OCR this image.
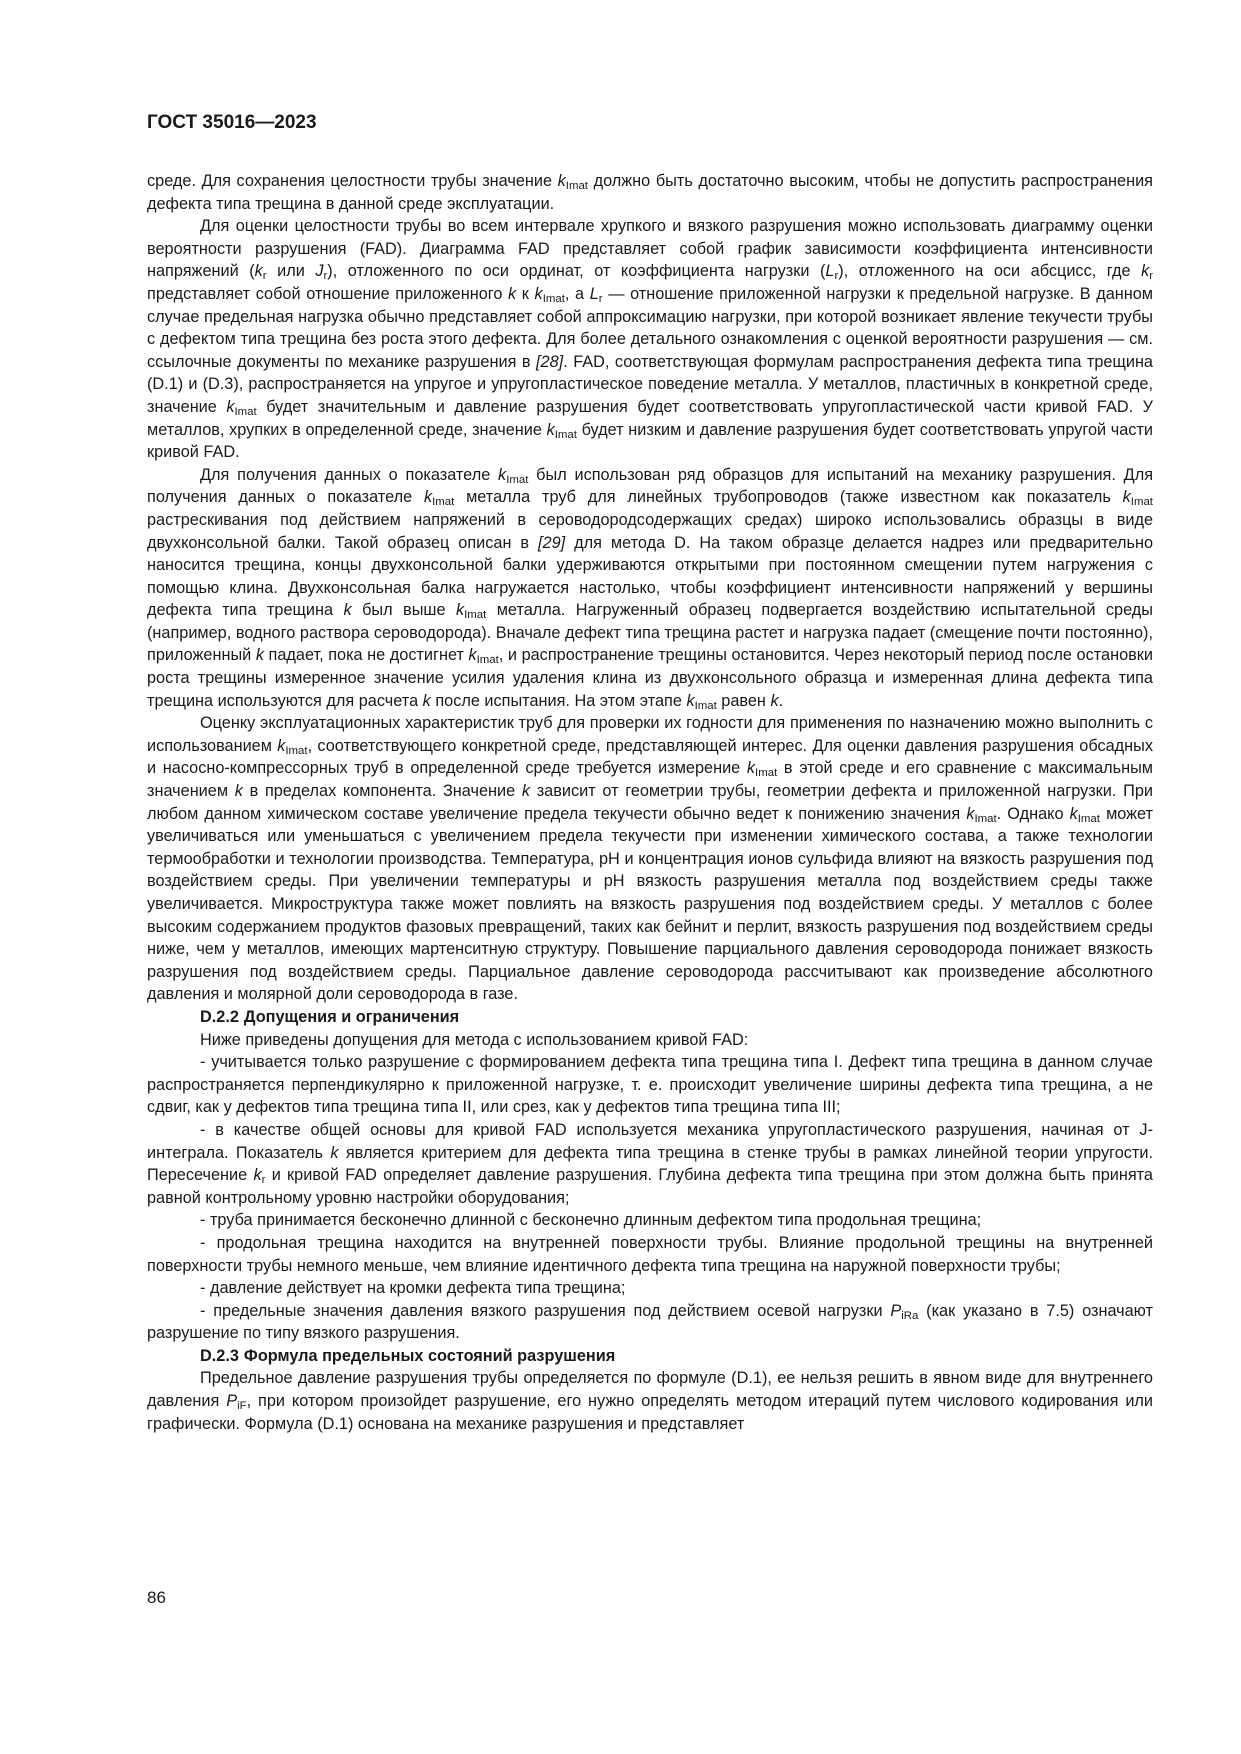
ГОСТ 35016—2023

среде. Для сохранения целостности трубы значение $k_{Imat}$ должно быть достаточно высоким, чтобы не допустить распространения дефекта типа трещина в данной среде эксплуатации.

Для оценки целостности трубы во всем интервале хрупкого и вязкого разрушения можно использовать диаграмму оценки вероятности разрушения (FAD). Диаграмма FAD представляет собой график зависимости коэффициента интенсивности напряжений ($k_r$ или $J_r$), отложенного по оси ординат, от коэффициента нагрузки $(L_r)$, отложенного на оси абсцисс, где $k_r$ представляет собой отношение приложенного k к $k_{Imat}$, а $L_r$ — отношение приложенной нагрузки к предельной нагрузке. В данном случае предельная нагрузка обычно представляет собой аппроксимацию нагрузки, при которой возникает явление текучести трубы с дефектом типа трещина без роста этого дефекта. Для более детального ознакомления с оценкой вероятности разрушения — см. ссылочные документы по механике разрушения в [28]. FAD, соответствующая формулам распространения дефекта типа трещина (D.1) и (D.3), распространяется на упругое и упругопластическое поведение металла. У металлов, пластичных в конкретной среде, значение $k_{Imat}$ будет значительным и давление разрушения будет соответствовать упругопластической части кривой FAD. У металлов, хрупких в определенной среде, значение $k_{Imat}$ будет низким и давление разрушения будет соответствовать упругой части кривой FAD.

Для получения данных о показателе $k_{Imat}$ был использован ряд образцов для испытаний на механику разрушения. Для получения данных о показателе $k_{Imat}$ металла труб для линейных трубопроводов (также известном как показатель $k_{Imat}$ растрескивания под действием напряжений в сероводородсодержащих средах) широко использовались образцы в виде двухконсольной балки. Такой образец описан в [29] для метода D. На таком образце делается надрез или предварительно наносится трещина, концы двухконсольной балки удерживаются открытыми при постоянном смещении путем нагружения с помощью клина. Двухконсольная балка нагружается настолько, чтобы коэффициент интенсивности напряжений у вершины дефекта типа трещина k был выше $k_{Imat}$ металла. Нагруженный образец подвергается воздействию испытательной среды (например, водного раствора сероводорода). Вначале дефект типа трещина растет и нагрузка падает (смещение почти постоянно), приложенный k падает, пока не достигнет $k_{Imat}$, и распространение трещины остановится. Через некоторый период после остановки роста трещины измеренное значение усилия удаления клина из двухконсольного образца и измеренная длина дефекта типа трещина используются для расчета k после испытания. На этом этапе $k_{Imat}$ равен k.

Оценку эксплуатационных характеристик труб для проверки их годности для применения по назначению можно выполнить с использованием $k_{Imat}$, соответствующего конкретной среде, представляющей интерес. Для оценки давления разрушения обсадных и насосно-компрессорных труб в определенной среде требуется измерение $k_{Imat}$ в этой среде и его сравнение с максимальным значением k в пределах компонента. Значение k зависит от геометрии трубы, геометрии дефекта и приложенной нагрузки. При любом данном химическом составе увеличение предела текучести обычно ведет к понижению значения $k_{Imat}$. Однако $k_{Imat}$ может увеличиваться или уменьшаться с увеличением предела текучести при изменении химического состава, а также технологии термообработки и технологии производства. Температура, pH и концентрация ионов сульфида влияют на вязкость разрушения под воздействием среды. При увеличении температуры и pH вязкость разрушения металла под воздействием среды также увеличивается. Микроструктура также может повлиять на вязкость разрушения под воздействием среды. У металлов с более высоким содержанием продуктов фазовых превращений, таких как бейнит и перлит, вязкость разрушения под воздействием среды ниже, чем у металлов, имеющих мартенситную структуру. Повышение парциального давления сероводорода понижает вязкость разрушения под воздействием среды. Парциальное давление сероводорода рассчитывают как произведение абсолютного давления и молярной доли сероводорода в газе.

D.2.2 Допущения и ограничения

Ниже приведены допущения для метода с использованием кривой FAD:

- учитывается только разрушение с формированием дефекта типа трещина типа I. Дефект типа трещина в данном случае распространяется перпендикулярно к приложенной нагрузке, т. е. происходит увеличение ширины дефекта типа трещина, а не сдвиг, как у дефектов типа трещина типа II, или срез, как у дефектов типа трещина типа III;

- в качестве общей основы для кривой FAD используется механика упругопластического разрушения, начиная от J-интеграла. Показатель k является критерием для дефекта типа трещина в стенке трубы в рамках линейной теории упругости. Пересечение $k_r$ и кривой FAD определяет давление разрушения. Глубина дефекта типа трещина при этом должна быть принята равной контрольному уровню настройки оборудования;

- труба принимается бесконечно длинной с бесконечно длинным дефектом типа продольная трещина;

- продольная трещина находится на внутренней поверхности трубы. Влияние продольной трещины на внутренней поверхности трубы немного меньше, чем влияние идентичного дефекта типа трещина на наружной поверхности трубы;

- давление действует на кромки дефекта типа трещина;

- предельные значения давления вязкого разрушения под действием осевой нагрузки $P_{iRa}$ (как указано в 7.5) означают разрушение по типу вязкого разрушения.

D.2.3 Формула предельных состояний разрушения

Предельное давление разрушения трубы определяется по формуле (D.1), ее нельзя решить в явном виде для внутреннего давления $P_{iF}$, при котором произойдет разрушение, его нужно определять методом итераций путем числового кодирования или графически. Формула (D.1) основана на механике разрушения и представляет

86
